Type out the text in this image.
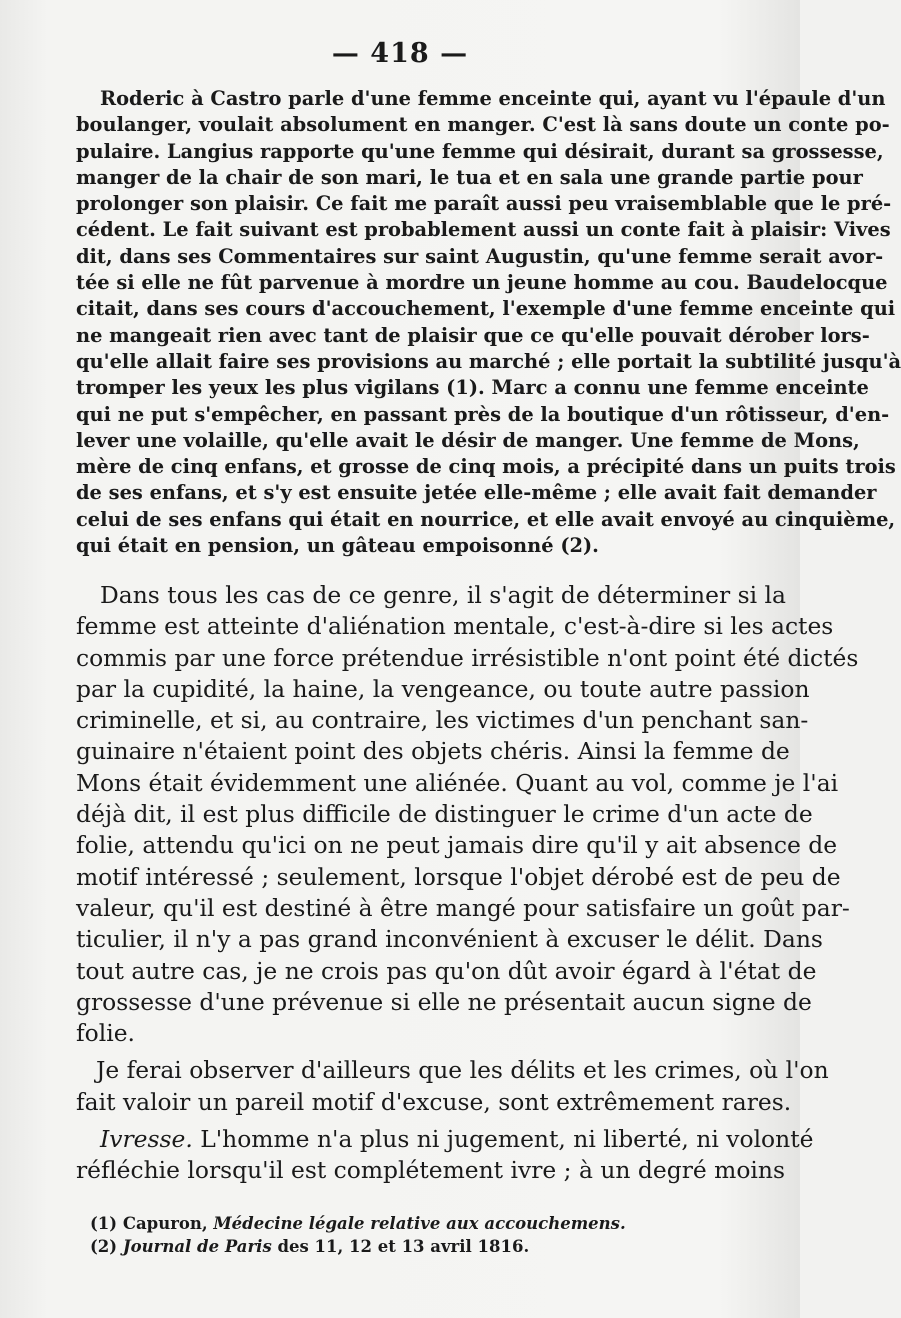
— 418 —
Roderic à Castro parle d'une femme enceinte qui, ayant vu l'épaule d'un
boulanger, voulait absolument en manger. C'est là sans doute un conte po-
pulaire. Langius rapporte qu'une femme qui désirait, durant sa grossesse,
manger de la chair de son mari, le tua et en sala une grande partie pour
prolonger son plaisir. Ce fait me paraît aussi peu vraisemblable que le pré-
cédent. Le fait suivant est probablement aussi un conte fait à plaisir: Vives
dit, dans ses Commentaires sur saint Augustin, qu'une femme serait avor-
tée si elle ne fût parvenue à mordre un jeune homme au cou. Baudelocque
citait, dans ses cours d'accouchement, l'exemple d'une femme enceinte qui
ne mangeait rien avec tant de plaisir que ce qu'elle pouvait dérober lors-
qu'elle allait faire ses provisions au marché ; elle portait la subtilité jusqu'à
tromper les yeux les plus vigilans (1). Marc a connu une femme enceinte
qui ne put s'empêcher, en passant près de la boutique d'un rôtisseur, d'en-
lever une volaille, qu'elle avait le désir de manger. Une femme de Mons,
mère de cinq enfans, et grosse de cinq mois, a précipité dans un puits trois
de ses enfans, et s'y est ensuite jetée elle-même ; elle avait fait demander
celui de ses enfans qui était en nourrice, et elle avait envoyé au cinquième,
qui était en pension, un gâteau empoisonné (2).
Dans tous les cas de ce genre, il s'agit de déterminer si la
femme est atteinte d'aliénation mentale, c'est-à-dire si les actes
commis par une force prétendue irrésistible n'ont point été dictés
par la cupidité, la haine, la vengeance, ou toute autre passion
criminelle, et si, au contraire, les victimes d'un penchant san-
guinaire n'étaient point des objets chéris. Ainsi la femme de
Mons était évidemment une aliénée. Quant au vol, comme je l'ai
déjà dit, il est plus difficile de distinguer le crime d'un acte de
folie, attendu qu'ici on ne peut jamais dire qu'il y ait absence de
motif intéressé ; seulement, lorsque l'objet dérobé est de peu de
valeur, qu'il est destiné à être mangé pour satisfaire un goût par-
ticulier, il n'y a pas grand inconvénient à excuser le délit. Dans
tout autre cas, je ne crois pas qu'on dût avoir égard à l'état de
grossesse d'une prévenue si elle ne présentait aucun signe de
folie.
Je ferai observer d'ailleurs que les délits et les crimes, où l'on
fait valoir un pareil motif d'excuse, sont extrêmement rares.
Ivresse. L'homme n'a plus ni jugement, ni liberté, ni volonté
réfléchie lorsqu'il est complétement ivre ; à un degré moins
(1) Capuron, Médecine légale relative aux accouchemens.
(2) Journal de Paris des 11, 12 et 13 avril 1816.
